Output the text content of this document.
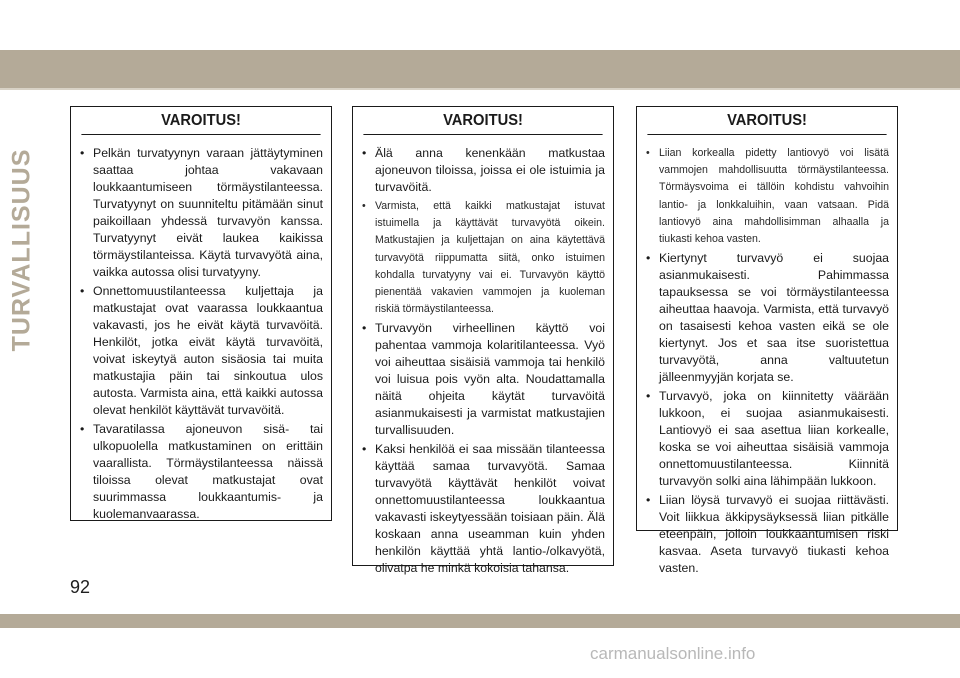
TURVALLISUUS
VAROITUS!
• Pelkän turvatyynyn varaan jättäytyminen saattaa johtaa vakavaan loukkaantumiseen törmäystilanteessa. Turvatyynyt on suunniteltu pitämään sinut paikoillaan yhdessä turvavyön kanssa. Turvatyynyt eivät laukea kaikissa törmäystilanteissa. Käytä turvavyötä aina, vaikka autossa olisi turvatyyny.
• Onnettomuustilanteessa kuljettaja ja matkustajat ovat vaarassa loukkaantua vakavasti, jos he eivät käytä turvavöitä. Henkilöt, jotka eivät käytä turvavöitä, voivat iskeytyä auton sisäosia tai muita matkustajia päin tai sinkoutua ulos autosta. Varmista aina, että kaikki autossa olevat henkilöt käyttävät turvavöitä.
• Tavaratilassa ajoneuvon sisä- tai ulkopuolella matkustaminen on erittäin vaarallista. Törmäystilanteessa näissä tiloissa olevat matkustajat ovat suurimmassa loukkaantumis- ja kuolemanvaarassa.
VAROITUS!
• Älä anna kenenkään matkustaa ajoneuvon tiloissa, joissa ei ole istuimia ja turvavöitä.
• Varmista, että kaikki matkustajat istuvat istuimella ja käyttävät turvavyötä oikein. Matkustajien ja kuljettajan on aina käytettävä turvavyötä riippumatta siitä, onko istuimen kohdalla turvatyyny vai ei. Turvavyön käyttö pienentää vakavien vammojen ja kuoleman riskiä törmäystilanteessa.
• Turvavyön virheellinen käyttö voi pahentaa vammoja kolaritilanteessa. Vyö voi aiheuttaa sisäisiä vammoja tai henkilö voi luisua pois vyön alta. Noudattamalla näitä ohjeita käytät turvavöitä asianmukaisesti ja varmistat matkustajien turvallisuuden.
• Kaksi henkilöä ei saa missään tilanteessa käyttää samaa turvavyötä. Samaa turvavyötä käyttävät henkilöt voivat onnettomuustilanteessa loukkaantua vakavasti iskeytyessään toisiaan päin. Älä koskaan anna useamman kuin yhden henkilön käyttää yhtä lantio-/olkavyötä, olivatpa he minkä kokoisia tahansa.
VAROITUS!
• Liian korkealla pidetty lantiovyö voi lisätä vammojen mahdollisuutta törmäystilanteessa. Törmäysvoima ei tällöin kohdistu vahvoihin lantio- ja lonkkaluihin, vaan vatsaan. Pidä lantiovyö aina mahdollisimman alhaalla ja tiukasti kehoa vasten.
• Kiertynyt turvavyö ei suojaa asianmukaisesti. Pahimmassa tapauksessa se voi törmäystilanteessa aiheuttaa haavoja. Varmista, että turvavyö on tasaisesti kehoa vasten eikä se ole kiertynyt. Jos et saa itse suoristettua turvavyötä, anna valtuutetun jälleenmyyjän korjata se.
• Turvavyö, joka on kiinnitetty väärään lukkoon, ei suojaa asianmukaisesti. Lantiovyö ei saa asettua liian korkealle, koska se voi aiheuttaa sisäisiä vammoja onnettomuustilanteessa. Kiinnitä turvavyön solki aina lähimpään lukkoon.
• Liian löysä turvavyö ei suojaa riittävästi. Voit liikkua äkkipysäyksessä liian pitkälle eteenpäin, jolloin loukkaantumisen riski kasvaa. Aseta turvavyö tiukasti kehoa vasten.
92
carmanualsonline.info
